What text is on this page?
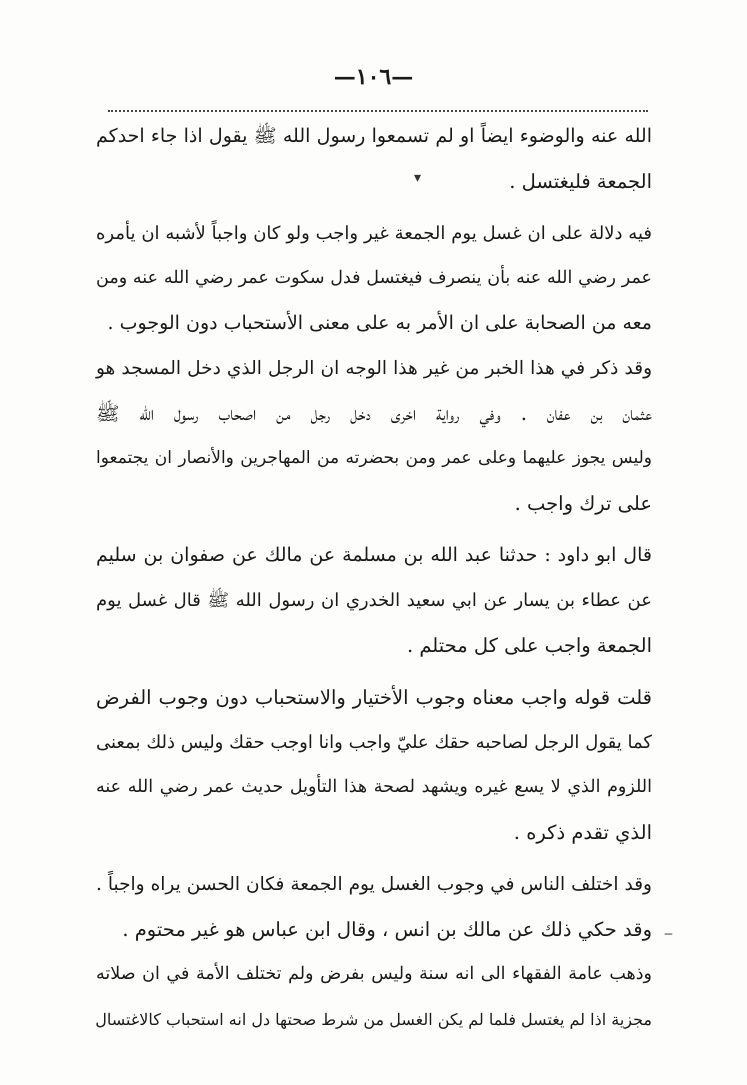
—١٠٦—
الله عنه والوضوء ايضاً او لم تسمعوا رسول الله ﷺ يقول اذا جاء احدكم
الجمعة فليغتسل .
فيه دلالة على ان غسل يوم الجمعة غير واجب ولو كان واجباً لأشبه ان يأمره
عمر رضي الله عنه بأن ينصرف فيغتسل فدل سكوت عمر رضي الله عنه ومن
معه من الصحابة على ان الأمر به على معنى الأستحباب دون الوجوب .
وقد ذكر في هذا الخبر من غير هذا الوجه ان الرجل الذي دخل المسجد هو
عثمان بن عفان . وفي رواية اخرى دخل رجل من اصحاب رسول الله ﷺ
وليس يجوز عليهما وعلى عمر ومن بحضرته من المهاجرين والأنصار ان يجتمعوا
على ترك واجب .
قال ابو داود : حدثنا عبد الله بن مسلمة عن مالك عن صفوان بن سليم
عن عطاء بن يسار عن ابي سعيد الخدري ان رسول الله ﷺ قال غسل يوم
الجمعة واجب على كل محتلم .
قلت قوله واجب معناه وجوب الأختيار والاستحباب دون وجوب الفرض
كما يقول الرجل لصاحبه حقك عليّ واجب وانا اوجب حقك وليس ذلك بمعنى
اللزوم الذي لا يسع غيره ويشهد لصحة هذا التأويل حديث عمر رضي الله عنه
الذي تقدم ذكره .
وقد اختلف الناس في وجوب الغسل يوم الجمعة فكان الحسن يراه واجباً .
وقد حكي ذلك عن مالك بن انس ، وقال ابن عباس هو غير محتوم .
وذهب عامة الفقهاء الى انه سنة وليس بفرض ولم تختلف الأمة في ان صلاته
مجزية اذا لم يغتسل فلما لم يكن الغسل من شرط صحتها دل انه استحباب كالاغتسال
▾
‒
